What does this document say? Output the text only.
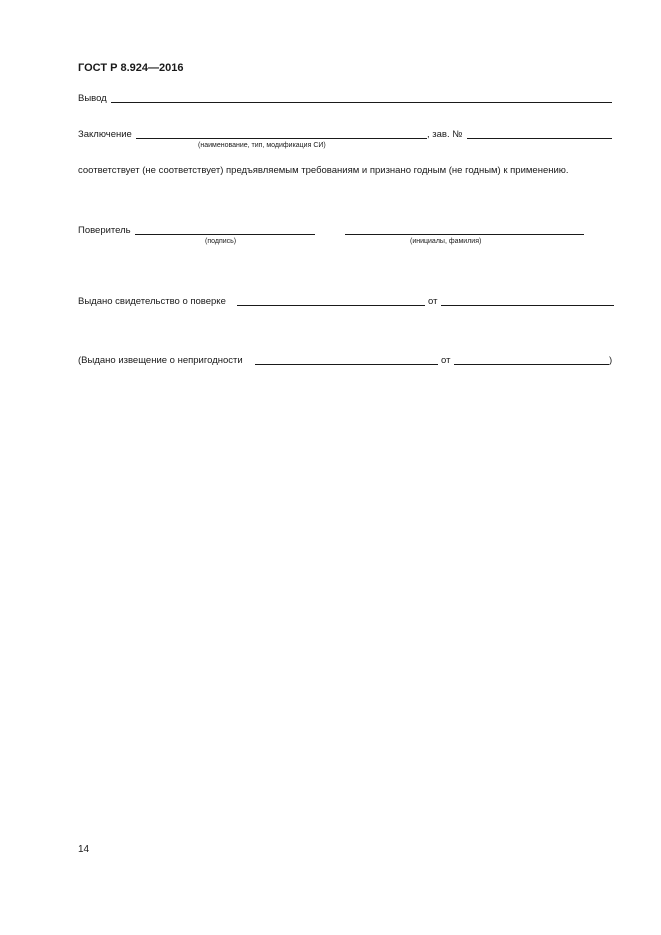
ГОСТ Р 8.924—2016
Вывод
Заключение	, зав. №
(наименование, тип, модификация СИ)
соответствует (не соответствует) предъявляемым требованиям и признано годным (не годным) к применению.
Поверитель
(подпись)	(инициалы, фамилия)
Выдано свидетельство о поверке	от
(Выдано извещение о непригодности	от	)
14
